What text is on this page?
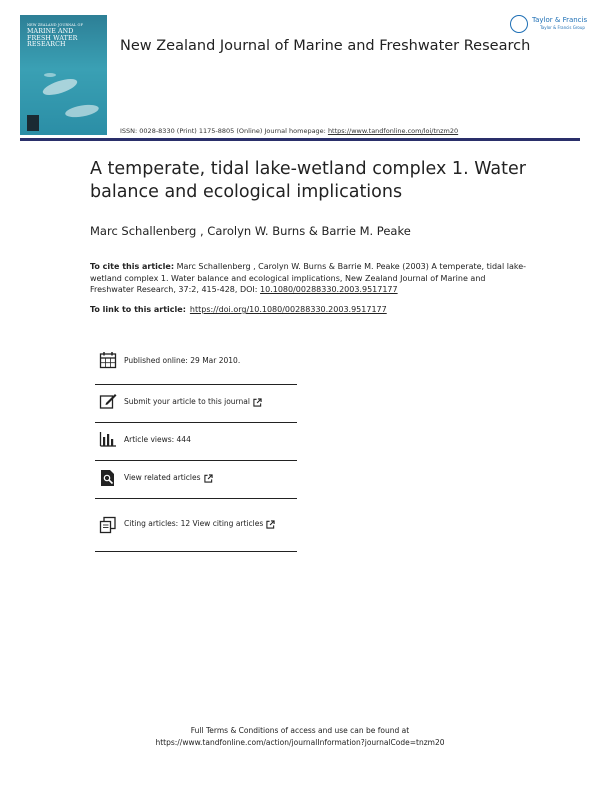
NEW ZEALAND JOURNAL OF
MARINE AND
FRESH WATER
RESEARCH	New Zealand Journal of Marine and Freshwater Research
Taylor & Francis
Taylor & Francis Group
ISSN: 0028-8330 (Print) 1175-8805 (Online) Journal homepage: https://www.tandfonline.com/loi/tnzm20
A temperate, tidal lake-wetland complex 1. Water balance and ecological implications
Marc Schallenberg , Carolyn W. Burns & Barrie M. Peake
To cite this article: Marc Schallenberg , Carolyn W. Burns & Barrie M. Peake (2003) A temperate, tidal lake-wetland complex 1. Water balance and ecological implications, New Zealand Journal of Marine and Freshwater Research, 37:2, 415-428, DOI: 10.1080/00288330.2003.9517177
To link to this article: https://doi.org/10.1080/00288330.2003.9517177
Published online: 29 Mar 2010.
Submit your article to this journal
Article views: 444
View related articles
Citing articles: 12 View citing articles
Full Terms & Conditions of access and use can be found at
https://www.tandfonline.com/action/journalInformation?journalCode=tnzm20
